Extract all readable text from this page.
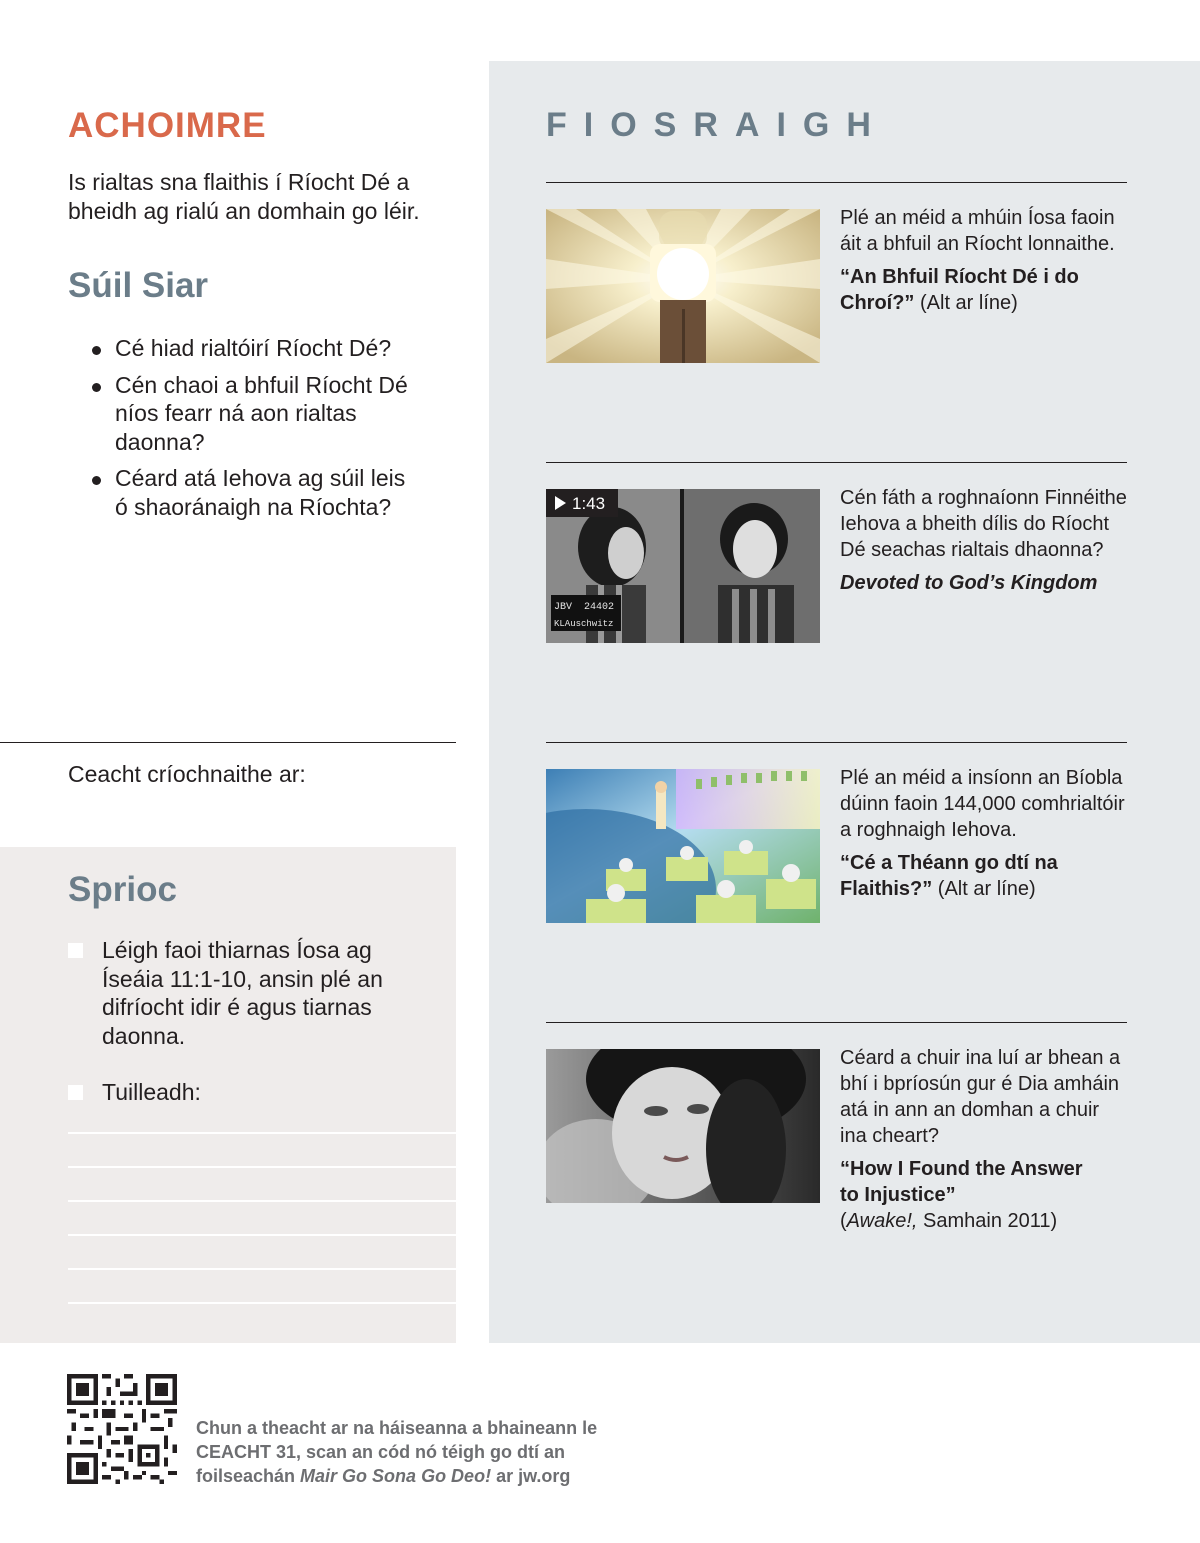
FIOSRAIGH
Plé an méid a mhúin Íosa faoin áit a bhfuil an Ríocht lonnaithe.
“An Bhfuil Ríocht Dé i do Chroí?” (Alt ar líne)
JBV 24402
KLAuschwitz
1:43	Cén fáth a roghnaíonn Finnéithe Iehova a bheith dílis do Ríocht Dé seachas rialtais dhaonna?
Devoted to God’s Kingdom
Plé an méid a insíonn an Bíobla dúinn faoin 144,000 comhrialtóir a roghnaigh Iehova.
“Cé a Théann go dtí na Flaithis?” (Alt ar líne)
Céard a chuir ina luí ar bhean a bhí i bpríosún gur é Dia amháin atá in ann an domhan a chuir ina cheart?
“How I Found the Answer to Injustice”
(Awake!, Samhain 2011)
ACHOIMRE
Is rialtas sna flaithis í Ríocht Dé a bheidh ag rialú an domhain go léir.
Súil Siar
Cé hiad rialtóirí Ríocht Dé?
Cén chaoi a bhfuil Ríocht Dé níos fearr ná aon rialtas daonna?
Céard atá Iehova ag súil leis ó shaoránaigh na Ríochta?
Ceacht críochnaithe ar:
Sprioc
Léigh faoi thiarnas Íosa ag Íseáia 11:1-10, ansin plé an difríocht idir é agus tiarnas daonna.
Tuilleadh:
Chun a theacht ar na háiseanna a bhaineann le CEACHT 31, scan an cód nó téigh go dtí an foilseachán Mair Go Sona Go Deo! ar jw.org
